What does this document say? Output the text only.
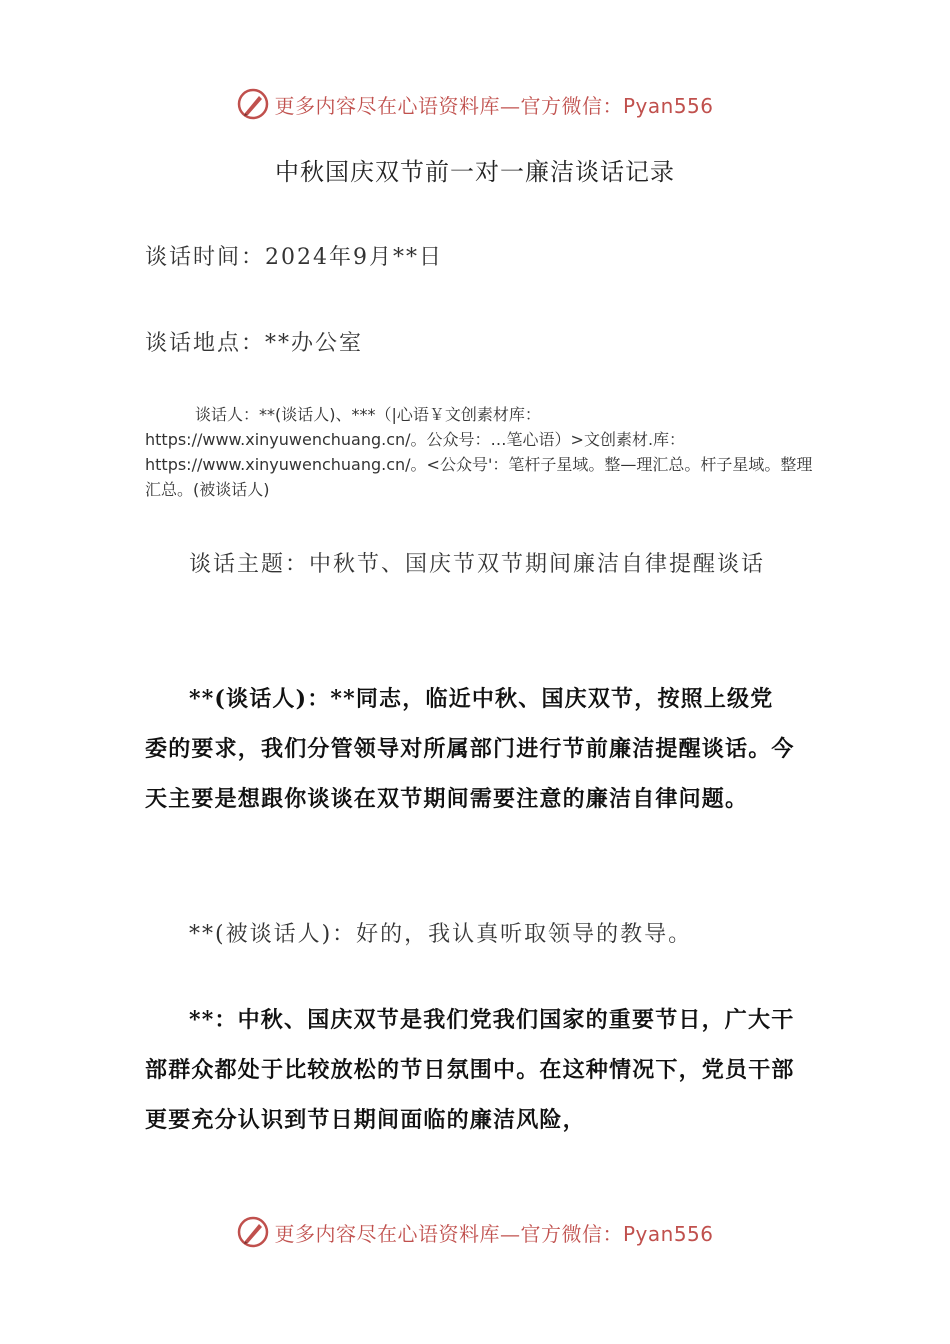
更多内容尽在心语资料库—官方微信：Pyan556
中秋国庆双节前一对一廉洁谈话记录
谈话时间：2024年9月**日
谈话地点：**办公室
谈话人：**(谈话人)、***（|心语￥文创素材库：https://www.xinyuwenchuang.cn/。公众号：…笔心语）>文创素材.库：https://www.xinyuwenchuang.cn/。<公众号'：笔杆子星域。整—理汇总。杆子星域。整理汇总。(被谈话人)

谈话主题：中秋节、国庆节双节期间廉洁自律提醒谈话

**(谈话人)：**同志，临近中秋、国庆双节，按照上级党委的要求，我们分管领导对所属部门进行节前廉洁提醒谈话。今天主要是想跟你谈谈在双节期间需要注意的廉洁自律问题。

**(被谈话人)：好的，我认真听取领导的教导。

**：中秋、国庆双节是我们党我们国家的重要节日，广大干部群众都处于比较放松的节日氛围中。在这种情况下，党员干部更要充分认识到节日期间面临的廉洁风险，

更多内容尽在心语资料库—官方微信：Pyan556
